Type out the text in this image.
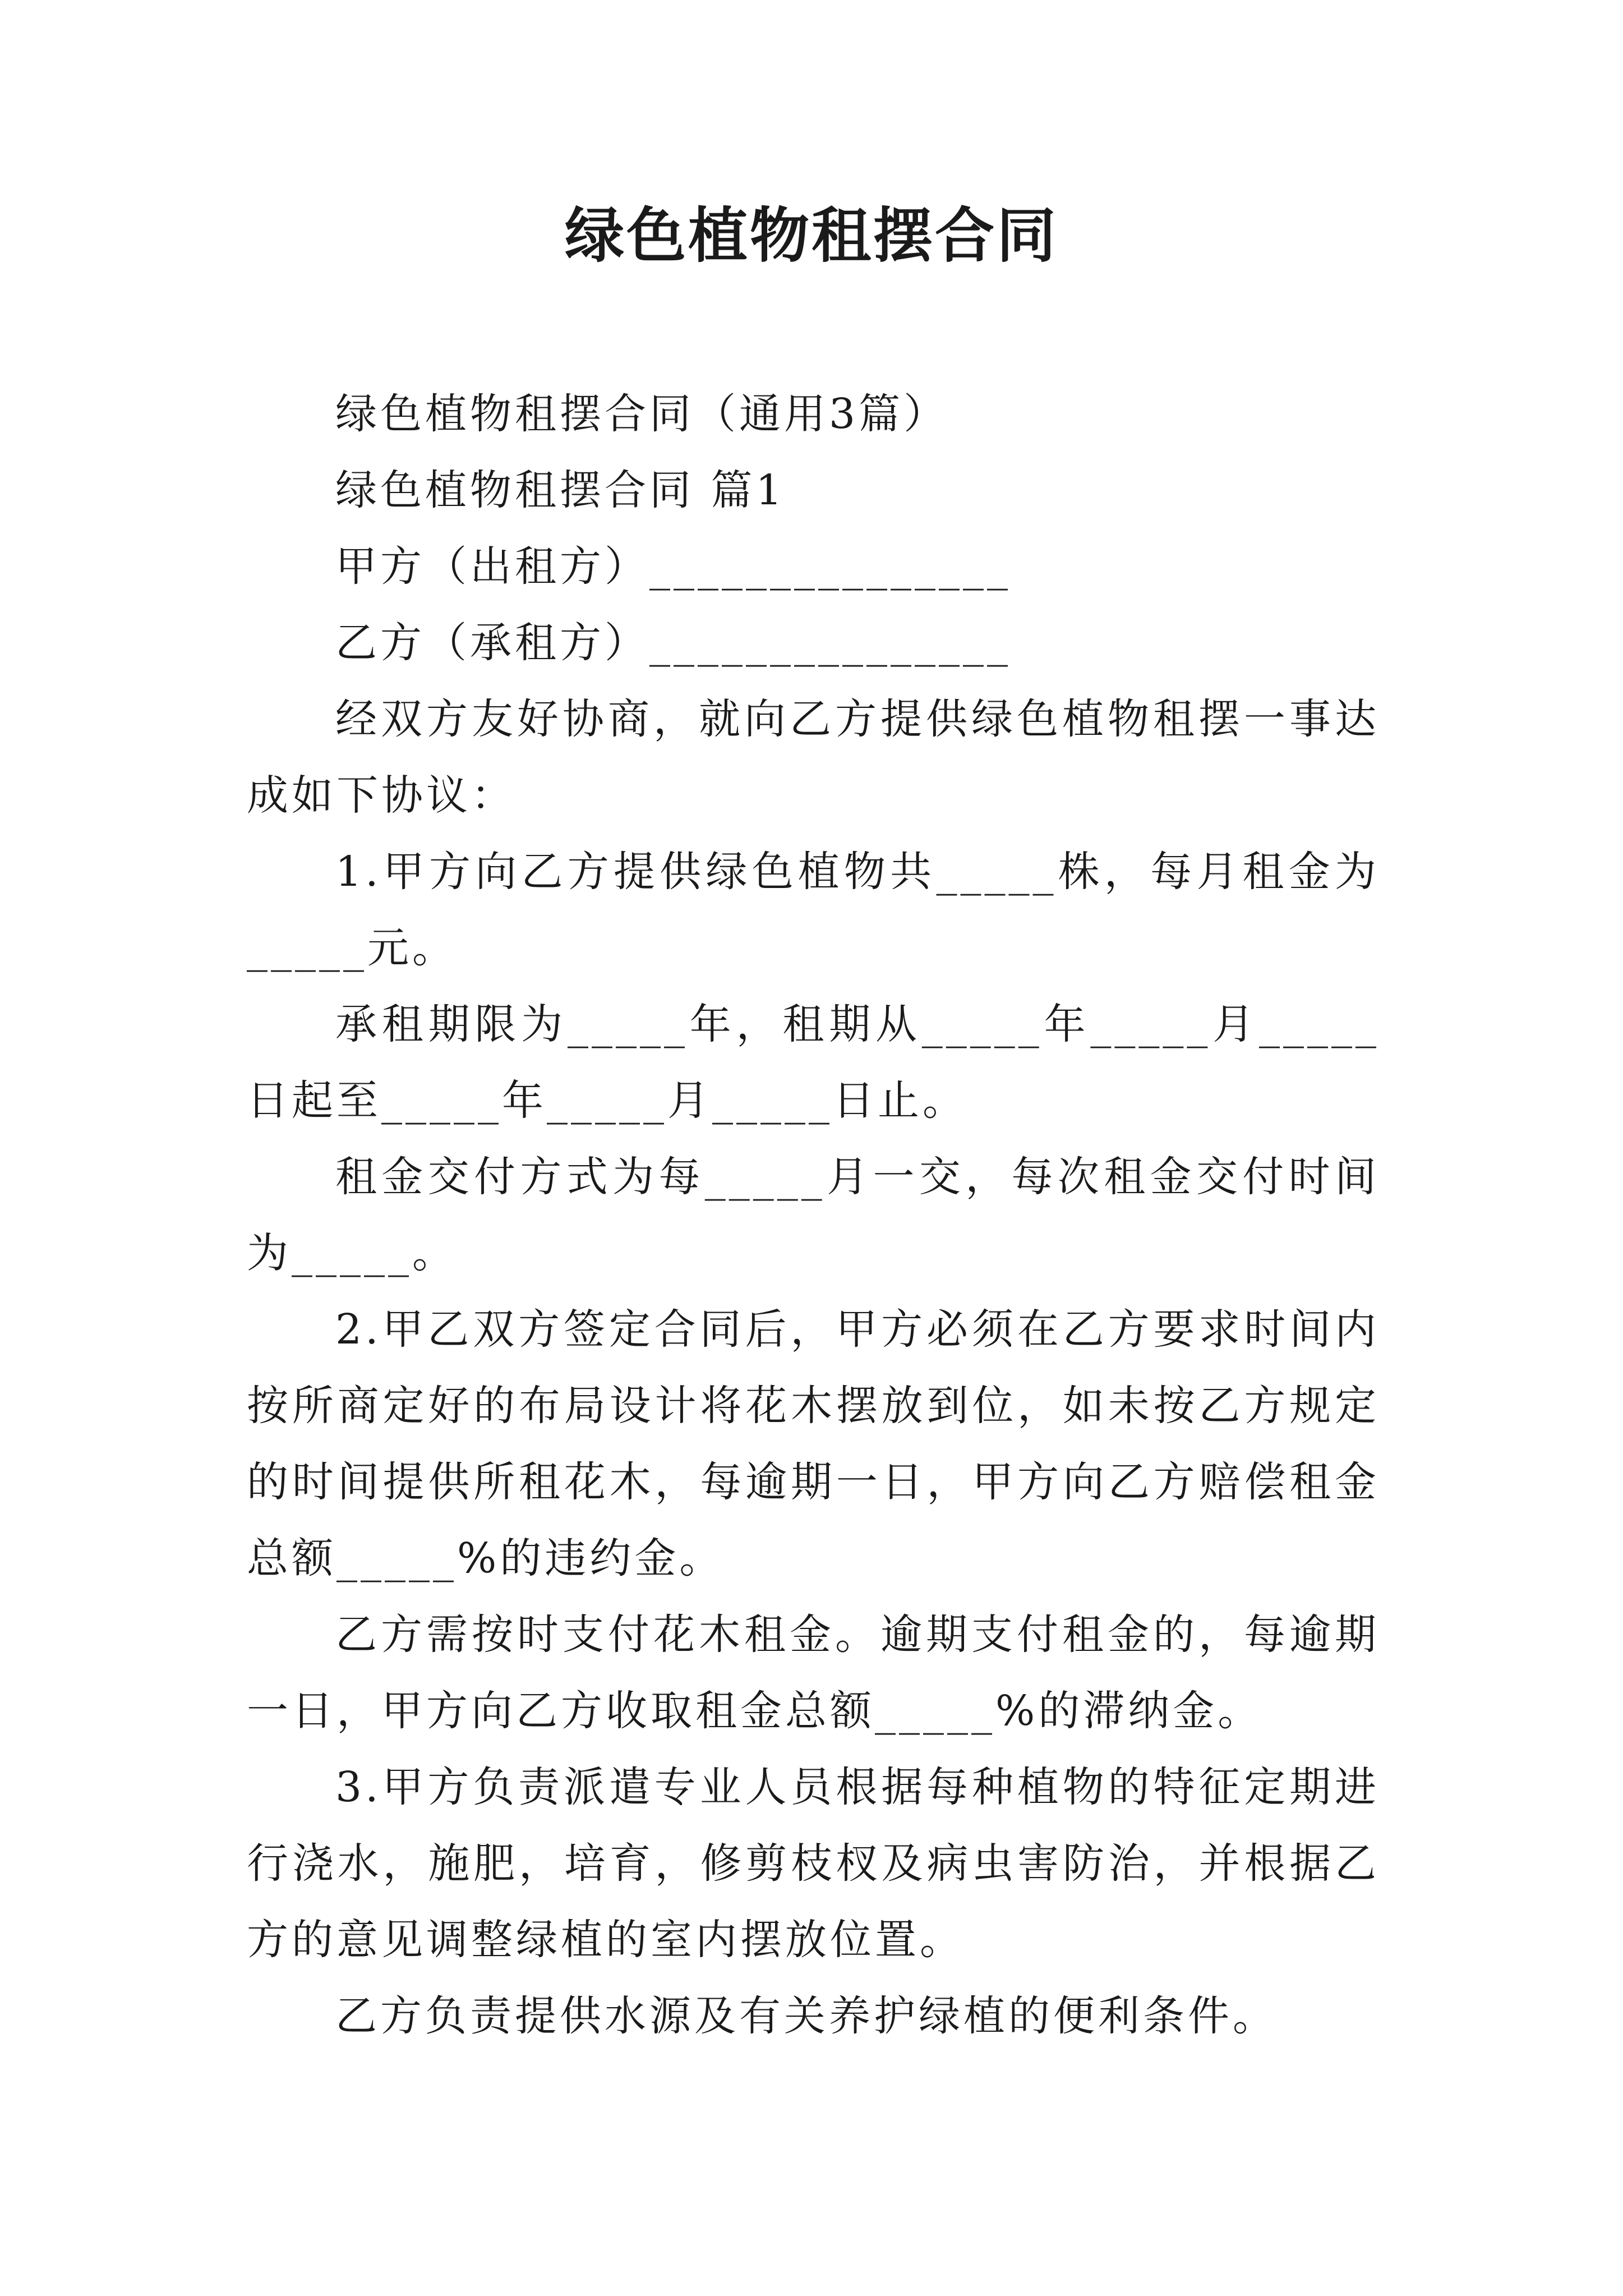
绿色植物租摆合同

绿色植物租摆合同（通用3篇）

绿色植物租摆合同 篇1

甲方（出租方）_______________

乙方（承租方）_______________

经双方友好协商，就向乙方提供绿色植物租摆一事达成如下协议：

1.甲方向乙方提供绿色植物共_____株，每月租金为_____元。

承租期限为_____年，租期从_____年_____月_____日起至_____年_____月_____日止。

租金交付方式为每_____月一交，每次租金交付时间为_____。

2.甲乙双方签定合同后，甲方必须在乙方要求时间内按所商定好的布局设计将花木摆放到位，如未按乙方规定的时间提供所租花木，每逾期一日，甲方向乙方赔偿租金总额_____%的违约金。

乙方需按时支付花木租金。逾期支付租金的，每逾期一日，甲方向乙方收取租金总额_____%的滞纳金。

3.甲方负责派遣专业人员根据每种植物的特征定期进行浇水，施肥，培育，修剪枝杈及病虫害防治，并根据乙方的意见调整绿植的室内摆放位置。

乙方负责提供水源及有关养护绿植的便利条件。
